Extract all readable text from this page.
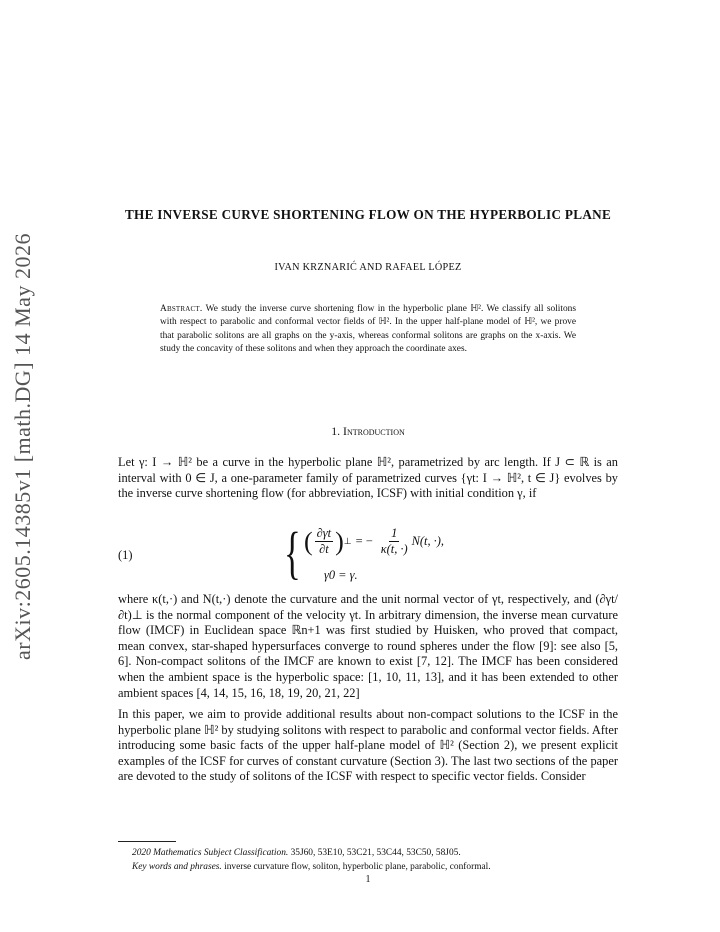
arXiv:2605.14385v1 [math.DG] 14 May 2026
THE INVERSE CURVE SHORTENING FLOW ON THE HYPERBOLIC PLANE
IVAN KRZNARIĆ AND RAFAEL LÓPEZ
Abstract. We study the inverse curve shortening flow in the hyperbolic plane ℍ². We classify all solitons with respect to parabolic and conformal vector fields of ℍ². In the upper half-plane model of ℍ², we prove that parabolic solitons are all graphs on the y-axis, whereas conformal solitons are graphs on the x-axis. We study the concavity of these solitons and when they approach the coordinate axes.
1. Introduction

Let γ: I → ℍ² be a curve in the hyperbolic plane ℍ², parametrized by arc length. If J ⊂ ℝ is an interval with 0 ∈ J, a one-parameter family of parametrized curves {γt: I → ℍ², t ∈ J} evolves by the inverse curve shortening flow (for abbreviation, ICSF) with initial condition γ, if

(1)	{ ( $\frac{\partial\gamma t}{\partial t}$ ) ⊥ = − $\frac{1}{\kappa(t, \cdot)} N(t$, ·),
γ0 = γ.

where κ(t,·) and N(t,·) denote the curvature and the unit normal vector of γt, respectively, and (∂γt/∂t)⊥ is the normal component of the velocity γt. In arbitrary dimension, the inverse mean curvature flow (IMCF) in Euclidean space ℝn+1 was first studied by Huisken, who proved that compact, mean convex, star-shaped hypersurfaces converge to round spheres under the flow [9]: see also [5, 6]. Non-compact solitons of the IMCF are known to exist [7, 12]. The IMCF has been considered when the ambient space is the hyperbolic space: [1, 10, 11, 13], and it has been extended to other ambient spaces [4, 14, 15, 16, 18, 19, 20, 21, 22]

In this paper, we aim to provide additional results about non-compact solutions to the ICSF in the hyperbolic plane ℍ² by studying solitons with respect to parabolic and conformal vector fields. After introducing some basic facts of the upper half-plane model of ℍ² (Section 2), we present explicit examples of the ICSF for curves of constant curvature (Section 3). The last two sections of the paper are devoted to the study of solitons of the ICSF with respect to specific vector fields. Consider

2020 Mathematics Subject Classification. 35J60, 53E10, 53C21, 53C44, 53C50, 58J05.
Key words and phrases. inverse curvature flow, soliton, hyperbolic plane, parabolic, conformal.
1
